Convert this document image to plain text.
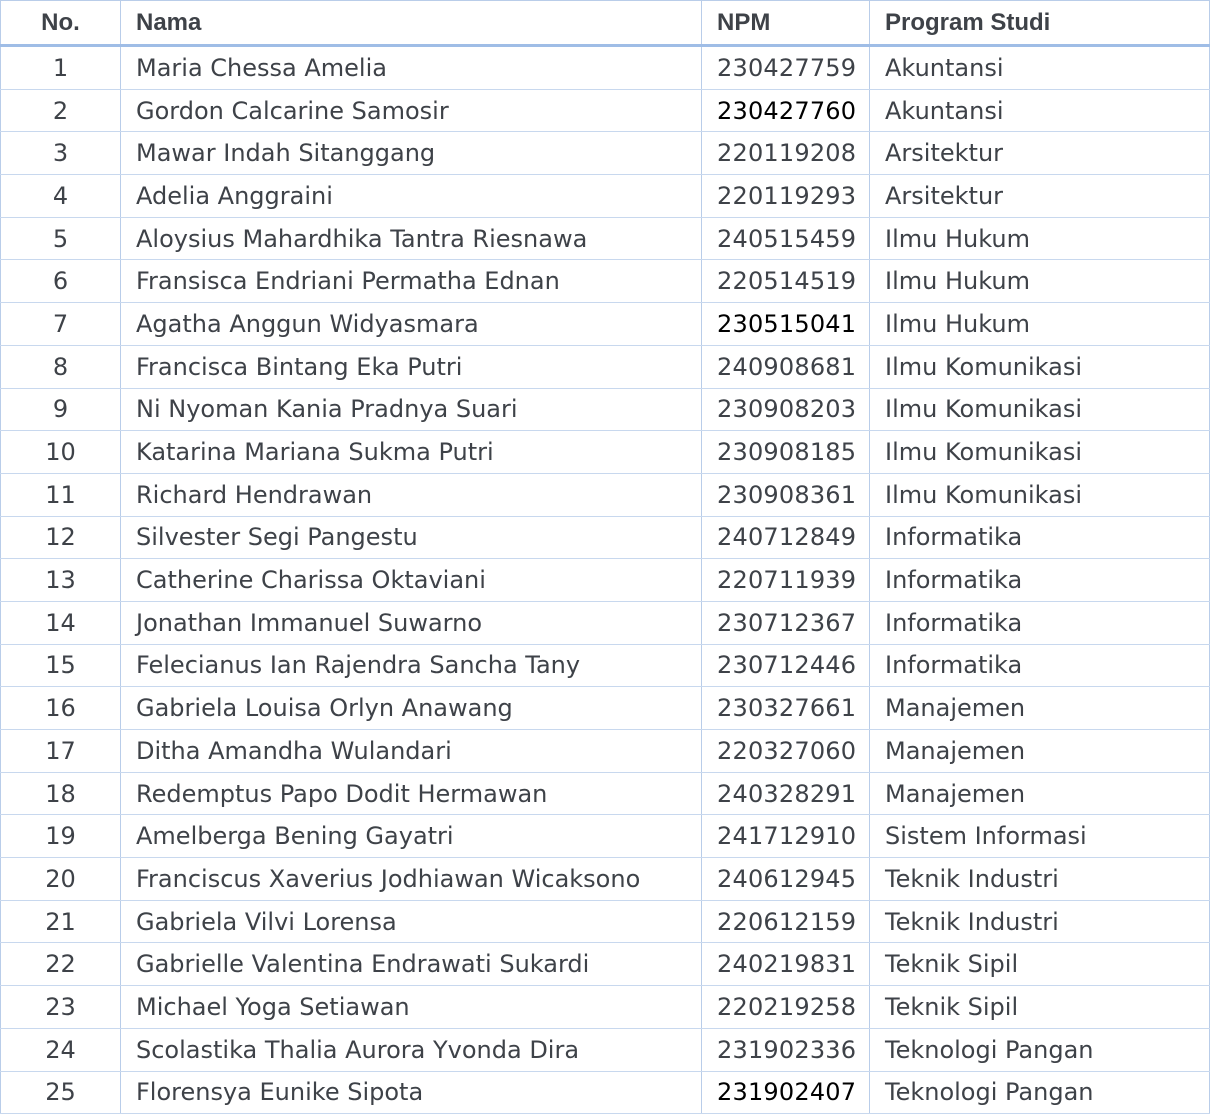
No.	Nama	NPM	Program Studi
1	Maria Chessa Amelia	230427759	Akuntansi
2	Gordon Calcarine Samosir	230427760	Akuntansi
3	Mawar Indah Sitanggang	220119208	Arsitektur
4	Adelia Anggraini	220119293	Arsitektur
5	Aloysius Mahardhika Tantra Riesnawa	240515459	Ilmu Hukum
6	Fransisca Endriani Permatha Ednan	220514519	Ilmu Hukum
7	Agatha Anggun Widyasmara	230515041	Ilmu Hukum
8	Francisca Bintang Eka Putri	240908681	Ilmu Komunikasi
9	Ni Nyoman Kania Pradnya Suari	230908203	Ilmu Komunikasi
10	Katarina Mariana Sukma Putri	230908185	Ilmu Komunikasi
11	Richard Hendrawan	230908361	Ilmu Komunikasi
12	Silvester Segi Pangestu	240712849	Informatika
13	Catherine Charissa Oktaviani	220711939	Informatika
14	Jonathan Immanuel Suwarno	230712367	Informatika
15	Felecianus Ian Rajendra Sancha Tany	230712446	Informatika
16	Gabriela Louisa Orlyn Anawang	230327661	Manajemen
17	Ditha Amandha Wulandari	220327060	Manajemen
18	Redemptus Papo Dodit Hermawan	240328291	Manajemen
19	Amelberga Bening Gayatri	241712910	Sistem Informasi
20	Franciscus Xaverius Jodhiawan Wicaksono	240612945	Teknik Industri
21	Gabriela Vilvi Lorensa	220612159	Teknik Industri
22	Gabrielle Valentina Endrawati Sukardi	240219831	Teknik Sipil
23	Michael Yoga Setiawan	220219258	Teknik Sipil
24	Scolastika Thalia Aurora Yvonda Dira	231902336	Teknologi Pangan
25	Florensya Eunike Sipota	231902407	Teknologi Pangan
